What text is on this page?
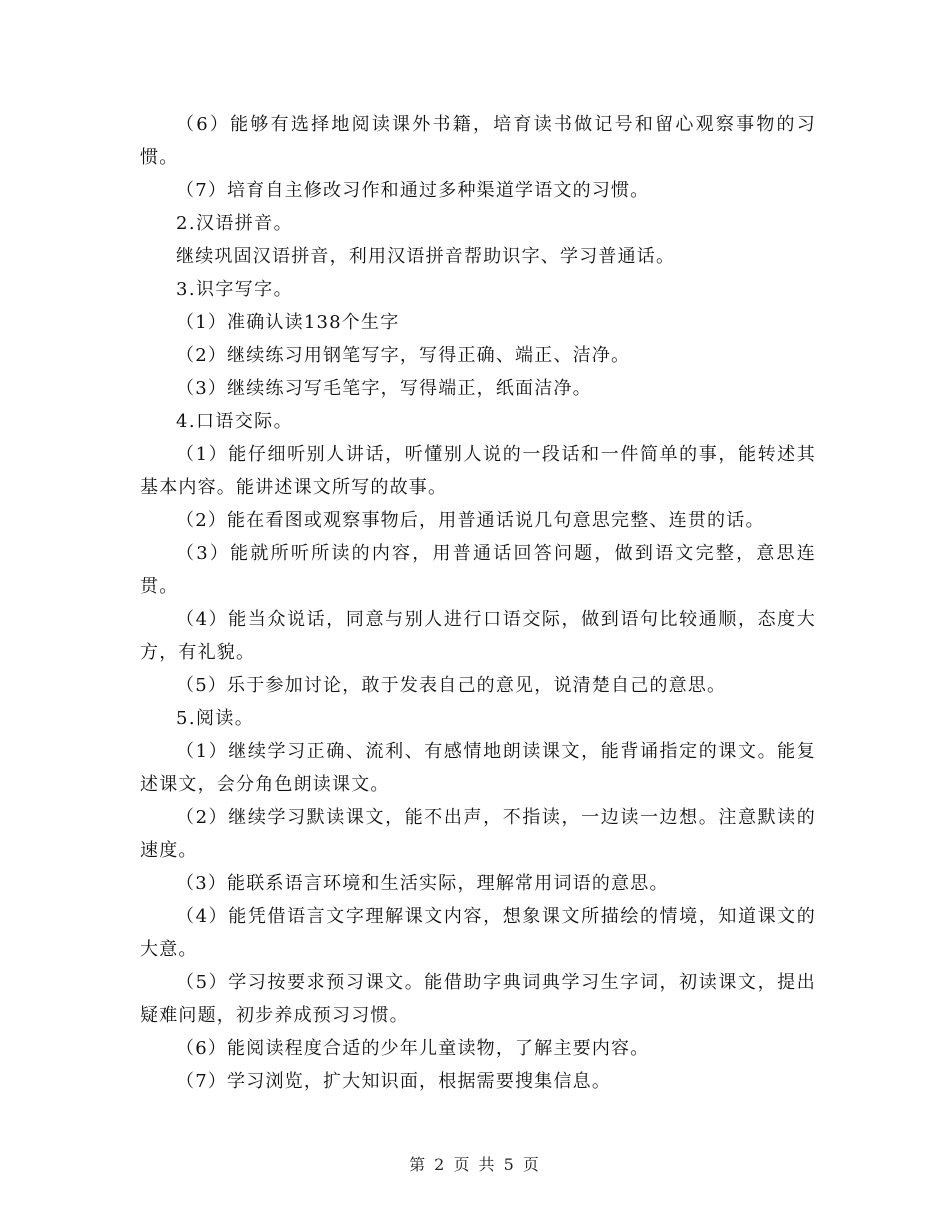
（6）能够有选择地阅读课外书籍，培育读书做记号和留心观察事物的习惯。

（7）培育自主修改习作和通过多种渠道学语文的习惯。

2.汉语拼音。

继续巩固汉语拼音，利用汉语拼音帮助识字、学习普通话。

3.识字写字。

（1）准确认读138个生字

（2）继续练习用钢笔写字，写得正确、端正、洁净。

（3）继续练习写毛笔字，写得端正，纸面洁净。

4.口语交际。

（1）能仔细听别人讲话，听懂别人说的一段话和一件简单的事，能转述其基本内容。能讲述课文所写的故事。

（2）能在看图或观察事物后，用普通话说几句意思完整、连贯的话。

（3）能就所听所读的内容，用普通话回答问题，做到语文完整，意思连贯。

（4）能当众说话，同意与别人进行口语交际，做到语句比较通顺，态度大方，有礼貌。

（5）乐于参加讨论，敢于发表自己的意见，说清楚自己的意思。

5.阅读。

（1）继续学习正确、流利、有感情地朗读课文，能背诵指定的课文。能复述课文，会分角色朗读课文。

（2）继续学习默读课文，能不出声，不指读，一边读一边想。注意默读的速度。

（3）能联系语言环境和生活实际，理解常用词语的意思。

（4）能凭借语言文字理解课文内容，想象课文所描绘的情境，知道课文的大意。

（5）学习按要求预习课文。能借助字典词典学习生字词，初读课文，提出疑难问题，初步养成预习习惯。

（6）能阅读程度合适的少年儿童读物，了解主要内容。

（7）学习浏览，扩大知识面，根据需要搜集信息。

第 2 页 共 5 页
